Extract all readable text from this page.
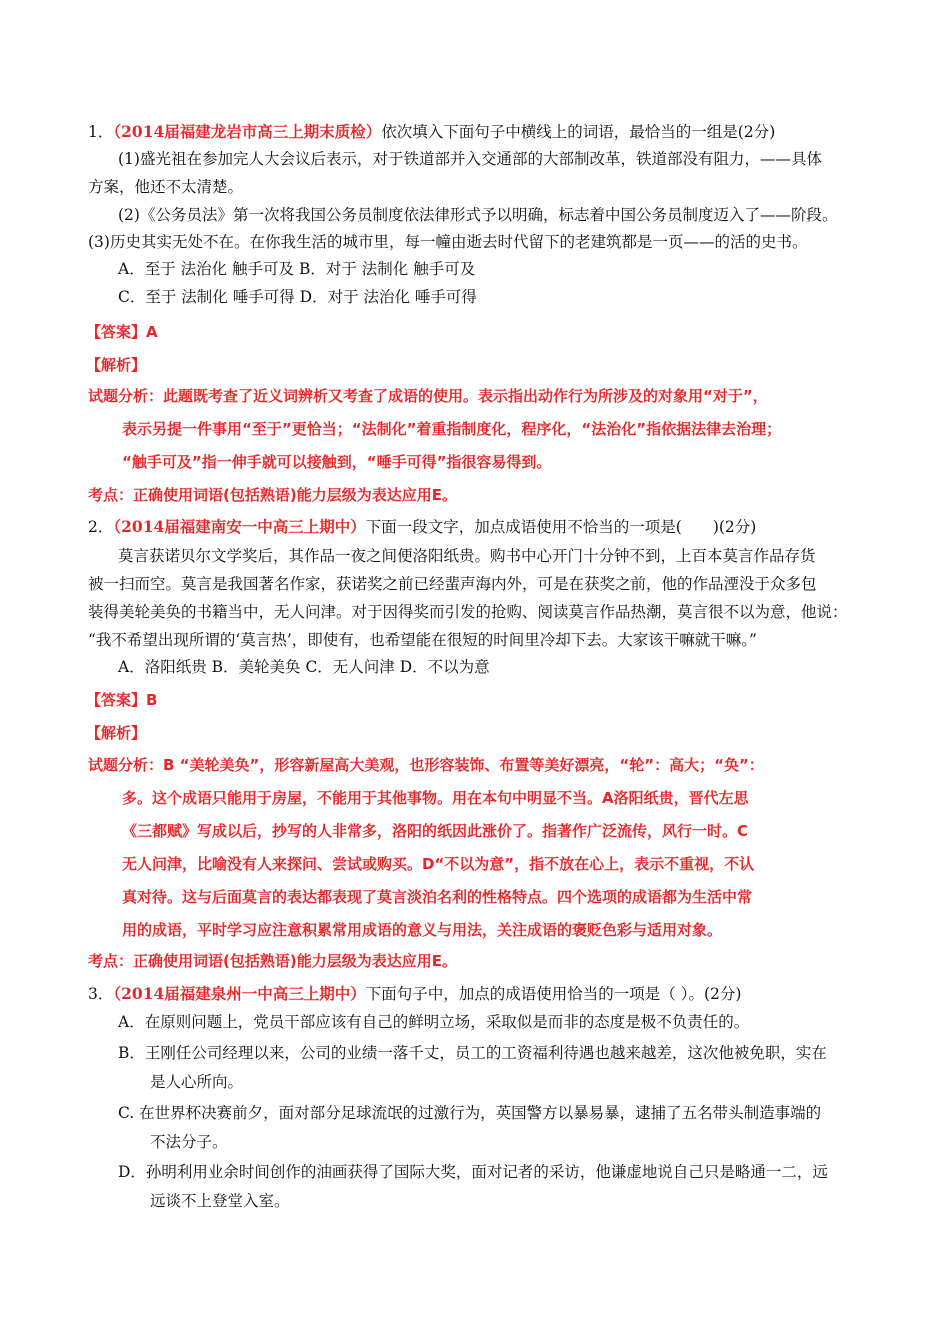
1．（2014届福建龙岩市高三上期末质检）依次填入下面句子中横线上的词语，最恰当的一组是(2分)
(1)盛光祖在参加完人大会议后表示，对于铁道部并入交通部的大部制改革，铁道部没有阻力，——具体
方案，他还不太清楚。
(2)《公务员法》第一次将我国公务员制度依法律形式予以明确，标志着中国公务员制度迈入了——阶段。
(3)历史其实无处不在。在你我生活的城市里，每一幢由逝去时代留下的老建筑都是一页——的活的史书。
A．至于 法治化 触手可及 B．对于 法制化 触手可及
C．至于 法制化 唾手可得 D．对于 法治化 唾手可得
【答案】A
【解析】
试题分析：此题既考查了近义词辨析又考查了成语的使用。表示指出动作行为所涉及的对象用“对于”，
表示另提一件事用“至于”更恰当；“法制化”着重指制度化，程序化，“法治化”指依据法律去治理；
“触手可及”指一伸手就可以接触到，“唾手可得”指很容易得到。
考点：正确使用词语(包括熟语)能力层级为表达应用E。
2．（2014届福建南安一中高三上期中）下面一段文字，加点成语使用不恰当的一项是(　　)(2分)
莫言获诺贝尔文学奖后，其作品一夜之间便洛阳纸贵。购书中心开门十分钟不到，上百本莫言作品存货
被一扫而空。莫言是我国著名作家，获诺奖之前已经蜚声海内外，可是在获奖之前，他的作品湮没于众多包
装得美轮美奂的书籍当中，无人问津。对于因得奖而引发的抢购、阅读莫言作品热潮，莫言很不以为意，他说：
“我不希望出现所谓的‘莫言热’，即使有，也希望能在很短的时间里冷却下去。大家该干嘛就干嘛。”
A．洛阳纸贵 B．美轮美奂 C．无人问津 D．不以为意
【答案】B
【解析】
试题分析：B “美轮美奂”，形容新屋高大美观，也形容装饰、布置等美好漂亮，“轮”：高大；“奂”：
多。这个成语只能用于房屋，不能用于其他事物。用在本句中明显不当。A洛阳纸贵，晋代左思
《三都赋》写成以后，抄写的人非常多，洛阳的纸因此涨价了。指著作广泛流传，风行一时。C
无人问津，比喻没有人来探问、尝试或购买。D“不以为意”，指不放在心上，表示不重视，不认
真对待。这与后面莫言的表达都表现了莫言淡泊名利的性格特点。四个选项的成语都为生活中常
用的成语，平时学习应注意积累常用成语的意义与用法，关注成语的褒贬色彩与适用对象。
考点：正确使用词语(包括熟语)能力层级为表达应用E。
3．（2014届福建泉州一中高三上期中）下面句子中，加点的成语使用恰当的一项是（ ）。(2分)
A．在原则问题上，党员干部应该有自己的鲜明立场，采取似是而非的态度是极不负责任的。
B．王刚任公司经理以来，公司的业绩一落千丈，员工的工资福利待遇也越来越差，这次他被免职，实在
是人心所向。
C. 在世界杯决赛前夕，面对部分足球流氓的过激行为，英国警方以暴易暴，逮捕了五名带头制造事端的
不法分子。
D．孙明利用业余时间创作的油画获得了国际大奖，面对记者的采访，他谦虚地说自己只是略通一二，远
远谈不上登堂入室。
